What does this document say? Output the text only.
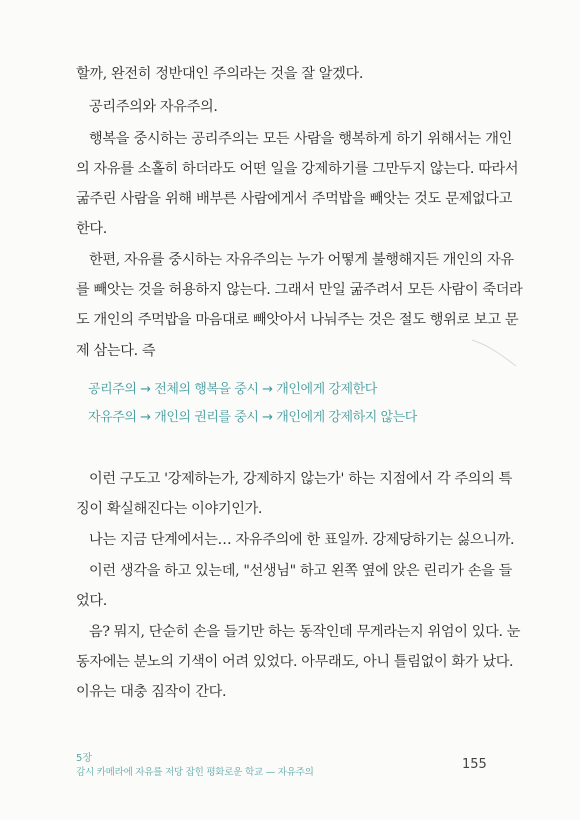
할까, 완전히 정반대인 주의라는 것을 잘 알겠다.
공리주의와 자유주의.
행복을 중시하는 공리주의는 모든 사람을 행복하게 하기 위해서는 개인
의 자유를 소홀히 하더라도 어떤 일을 강제하기를 그만두지 않는다. 따라서
굶주린 사람을 위해 배부른 사람에게서 주먹밥을 빼앗는 것도 문제없다고
한다.
한편, 자유를 중시하는 자유주의는 누가 어떻게 불행해지든 개인의 자유
를 빼앗는 것을 허용하지 않는다. 그래서 만일 굶주려서 모든 사람이 죽더라
도 개인의 주먹밥을 마음대로 빼앗아서 나눠주는 것은 절도 행위로 보고 문
제 삼는다. 즉
공리주의 → 전체의 행복을 중시 → 개인에게 강제한다
자유주의 → 개인의 권리를 중시 → 개인에게 강제하지 않는다
이런 구도고 '강제하는가, 강제하지 않는가' 하는 지점에서 각 주의의 특
징이 확실해진다는 이야기인가.
나는 지금 단계에서는… 자유주의에 한 표일까. 강제당하기는 싫으니까.
이런 생각을 하고 있는데, "선생님" 하고 왼쪽 옆에 앉은 린리가 손을 들
었다.
음? 뭐지, 단순히 손을 들기만 하는 동작인데 무게라는지 위엄이 있다. 눈
동자에는 분노의 기색이 어려 있었다. 아무래도, 아니 틀림없이 화가 났다.
이유는 대충 짐작이 간다.
5장
감시 카메라에 자유를 저당 잡힌 평화로운 학교 — 자유주의
155
